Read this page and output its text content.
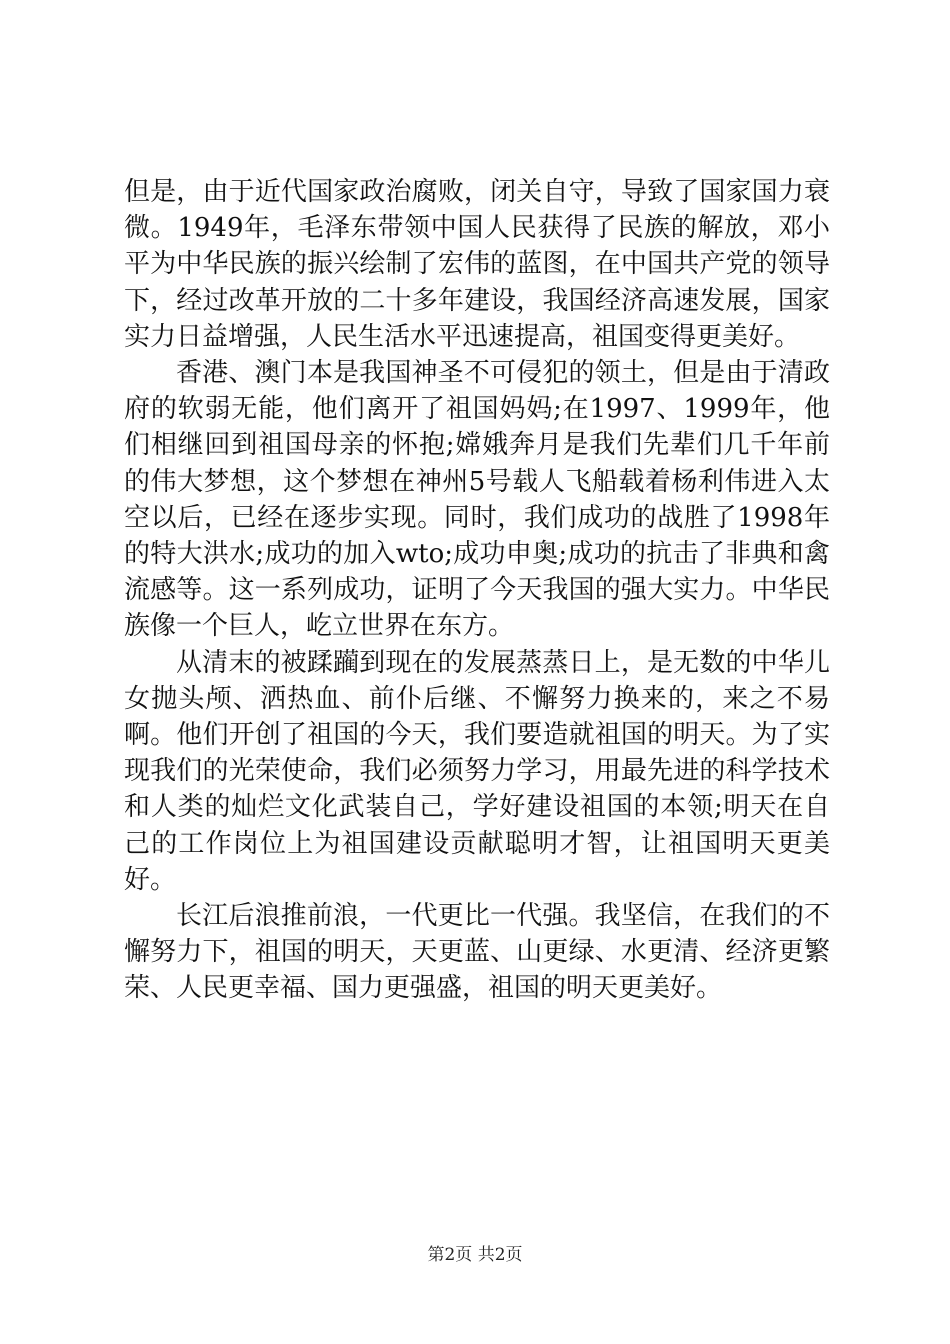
但是，由于近代国家政治腐败，闭关自守，导致了国家国力衰微。1949年，毛泽东带领中国人民获得了民族的解放，邓小平为中华民族的振兴绘制了宏伟的蓝图，在中国共产党的领导下，经过改革开放的二十多年建设，我国经济高速发展，国家实力日益增强，人民生活水平迅速提高，祖国变得更美好。

香港、澳门本是我国神圣不可侵犯的领土，但是由于清政府的软弱无能，他们离开了祖国妈妈;在1997、1999年，他们相继回到祖国母亲的怀抱;嫦娥奔月是我们先辈们几千年前的伟大梦想，这个梦想在神州5号载人飞船载着杨利伟进入太空以后，已经在逐步实现。同时，我们成功的战胜了1998年的特大洪水;成功的加入wto;成功申奥;成功的抗击了非典和禽流感等。这一系列成功，证明了今天我国的强大实力。中华民族像一个巨人，屹立世界在东方。

从清末的被蹂躏到现在的发展蒸蒸日上，是无数的中华儿女抛头颅、洒热血、前仆后继、不懈努力换来的，来之不易啊。他们开创了祖国的今天，我们要造就祖国的明天。为了实现我们的光荣使命，我们必须努力学习，用最先进的科学技术和人类的灿烂文化武装自己，学好建设祖国的本领;明天在自己的工作岗位上为祖国建设贡献聪明才智，让祖国明天更美好。

长江后浪推前浪，一代更比一代强。我坚信，在我们的不懈努力下，祖国的明天，天更蓝、山更绿、水更清、经济更繁荣、人民更幸福、国力更强盛，祖国的明天更美好。

第2页 共2页
